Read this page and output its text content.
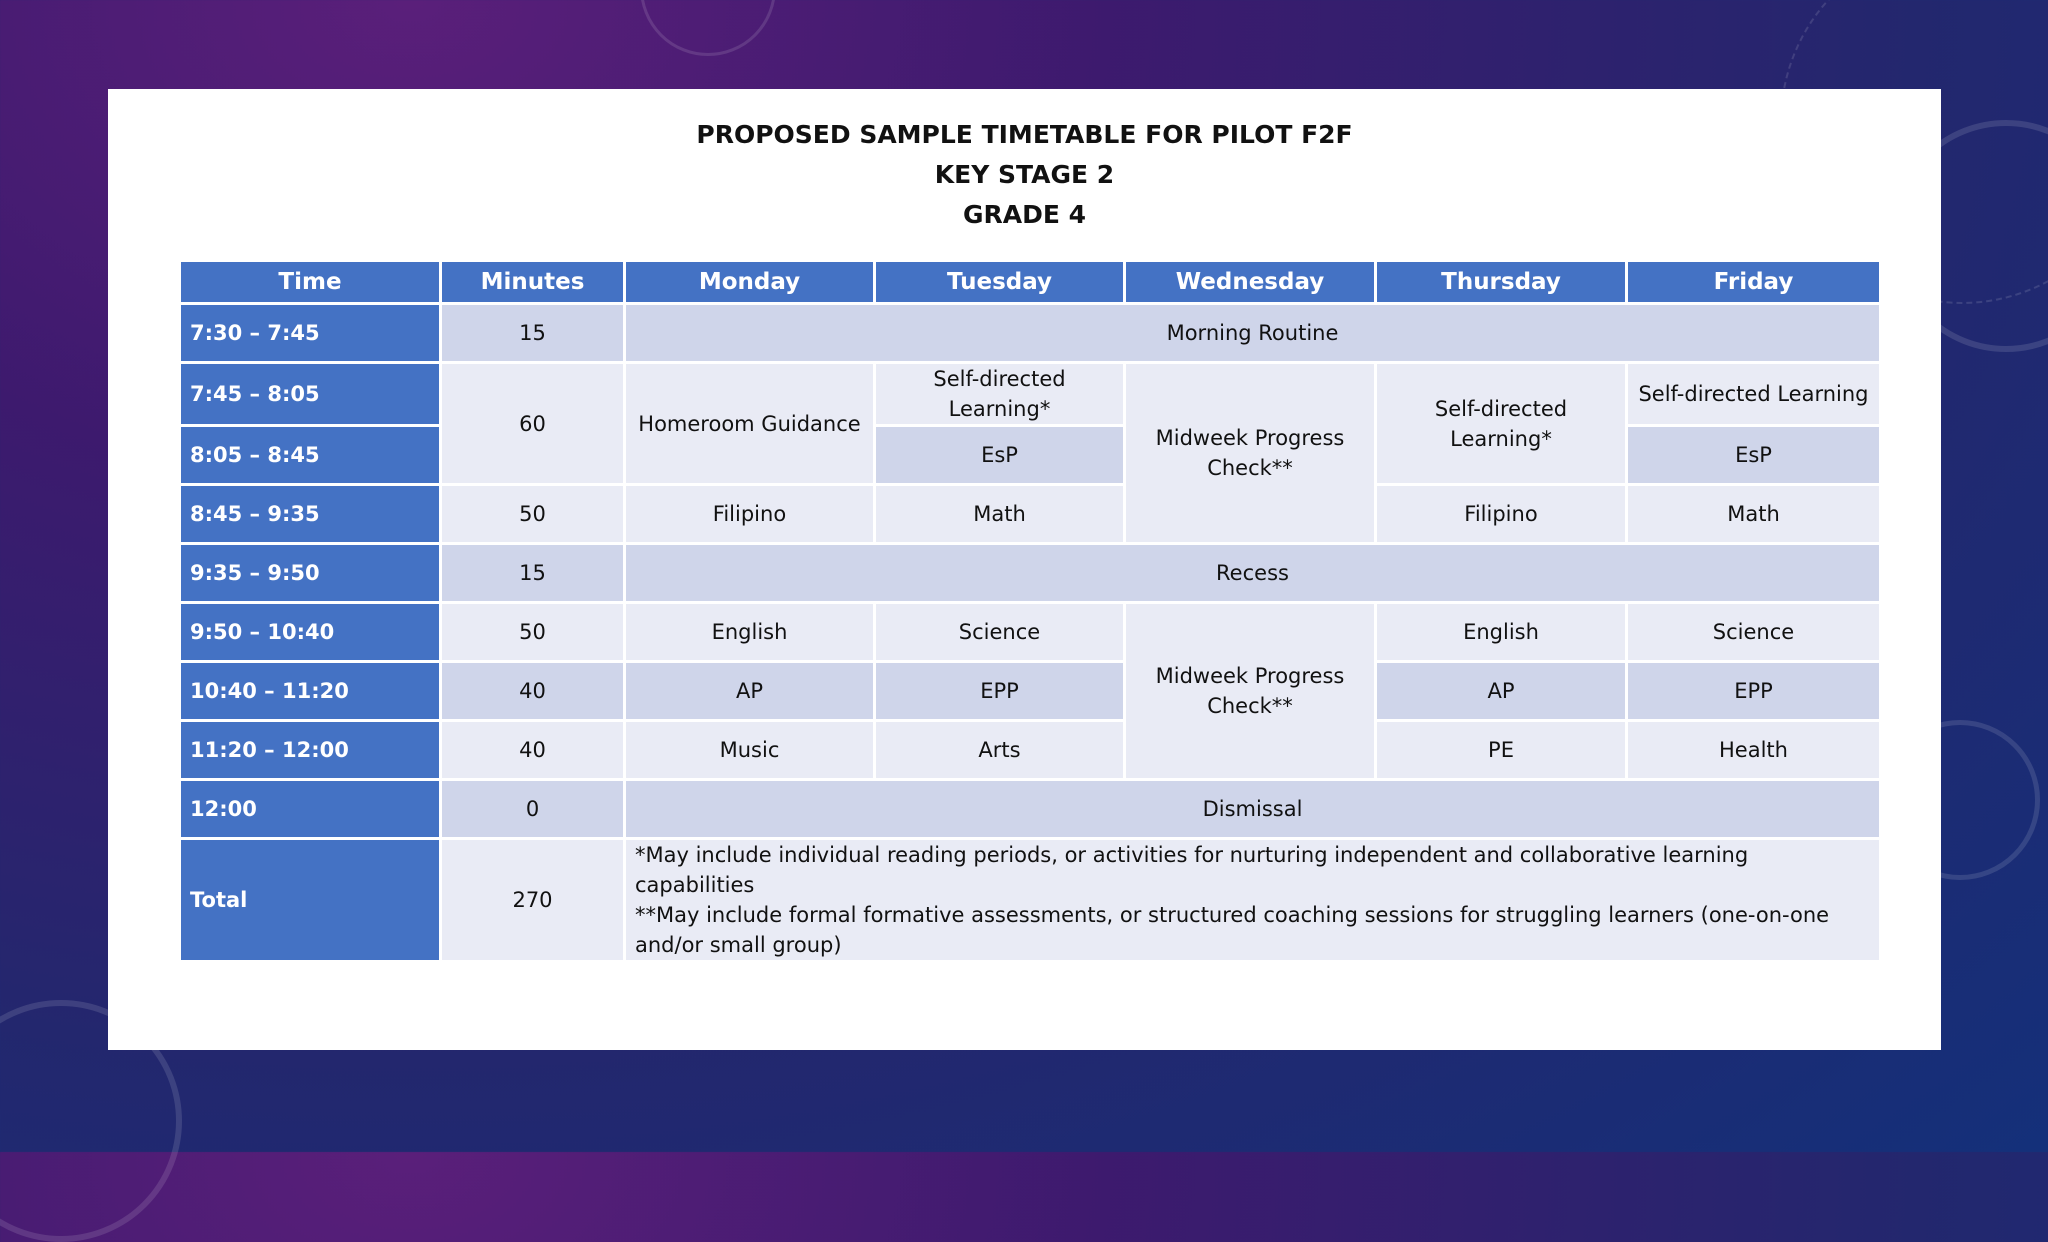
PROPOSED SAMPLE TIMETABLE FOR PILOT F2F
KEY STAGE 2
GRADE 4
Time	Minutes	Monday	Tuesday	Wednesday	Thursday	Friday
7:30 – 7:45	15	Morning Routine				
7:45 – 8:05	60	Homeroom Guidance	Self-directed Learning*	Midweek Progress Check**	Self-directed Learning*	Self-directed Learning
8:05 – 8:45			EsP			EsP
8:45 – 9:35	50	Filipino	Math		Filipino	Math
9:35 – 9:50	15	Recess				
9:50 – 10:40	50	English	Science	Midweek Progress Check**	English	Science
10:40 – 11:20	40	AP	EPP		AP	EPP
11:20 – 12:00	40	Music	Arts		PE	Health
12:00	0	Dismissal				
Total	270	*May include individual reading periods, or activities for nurturing independent and collaborative learning capabilities
**May include formal formative assessments, or structured coaching sessions for struggling learners (one-on-one and/or small group)				
